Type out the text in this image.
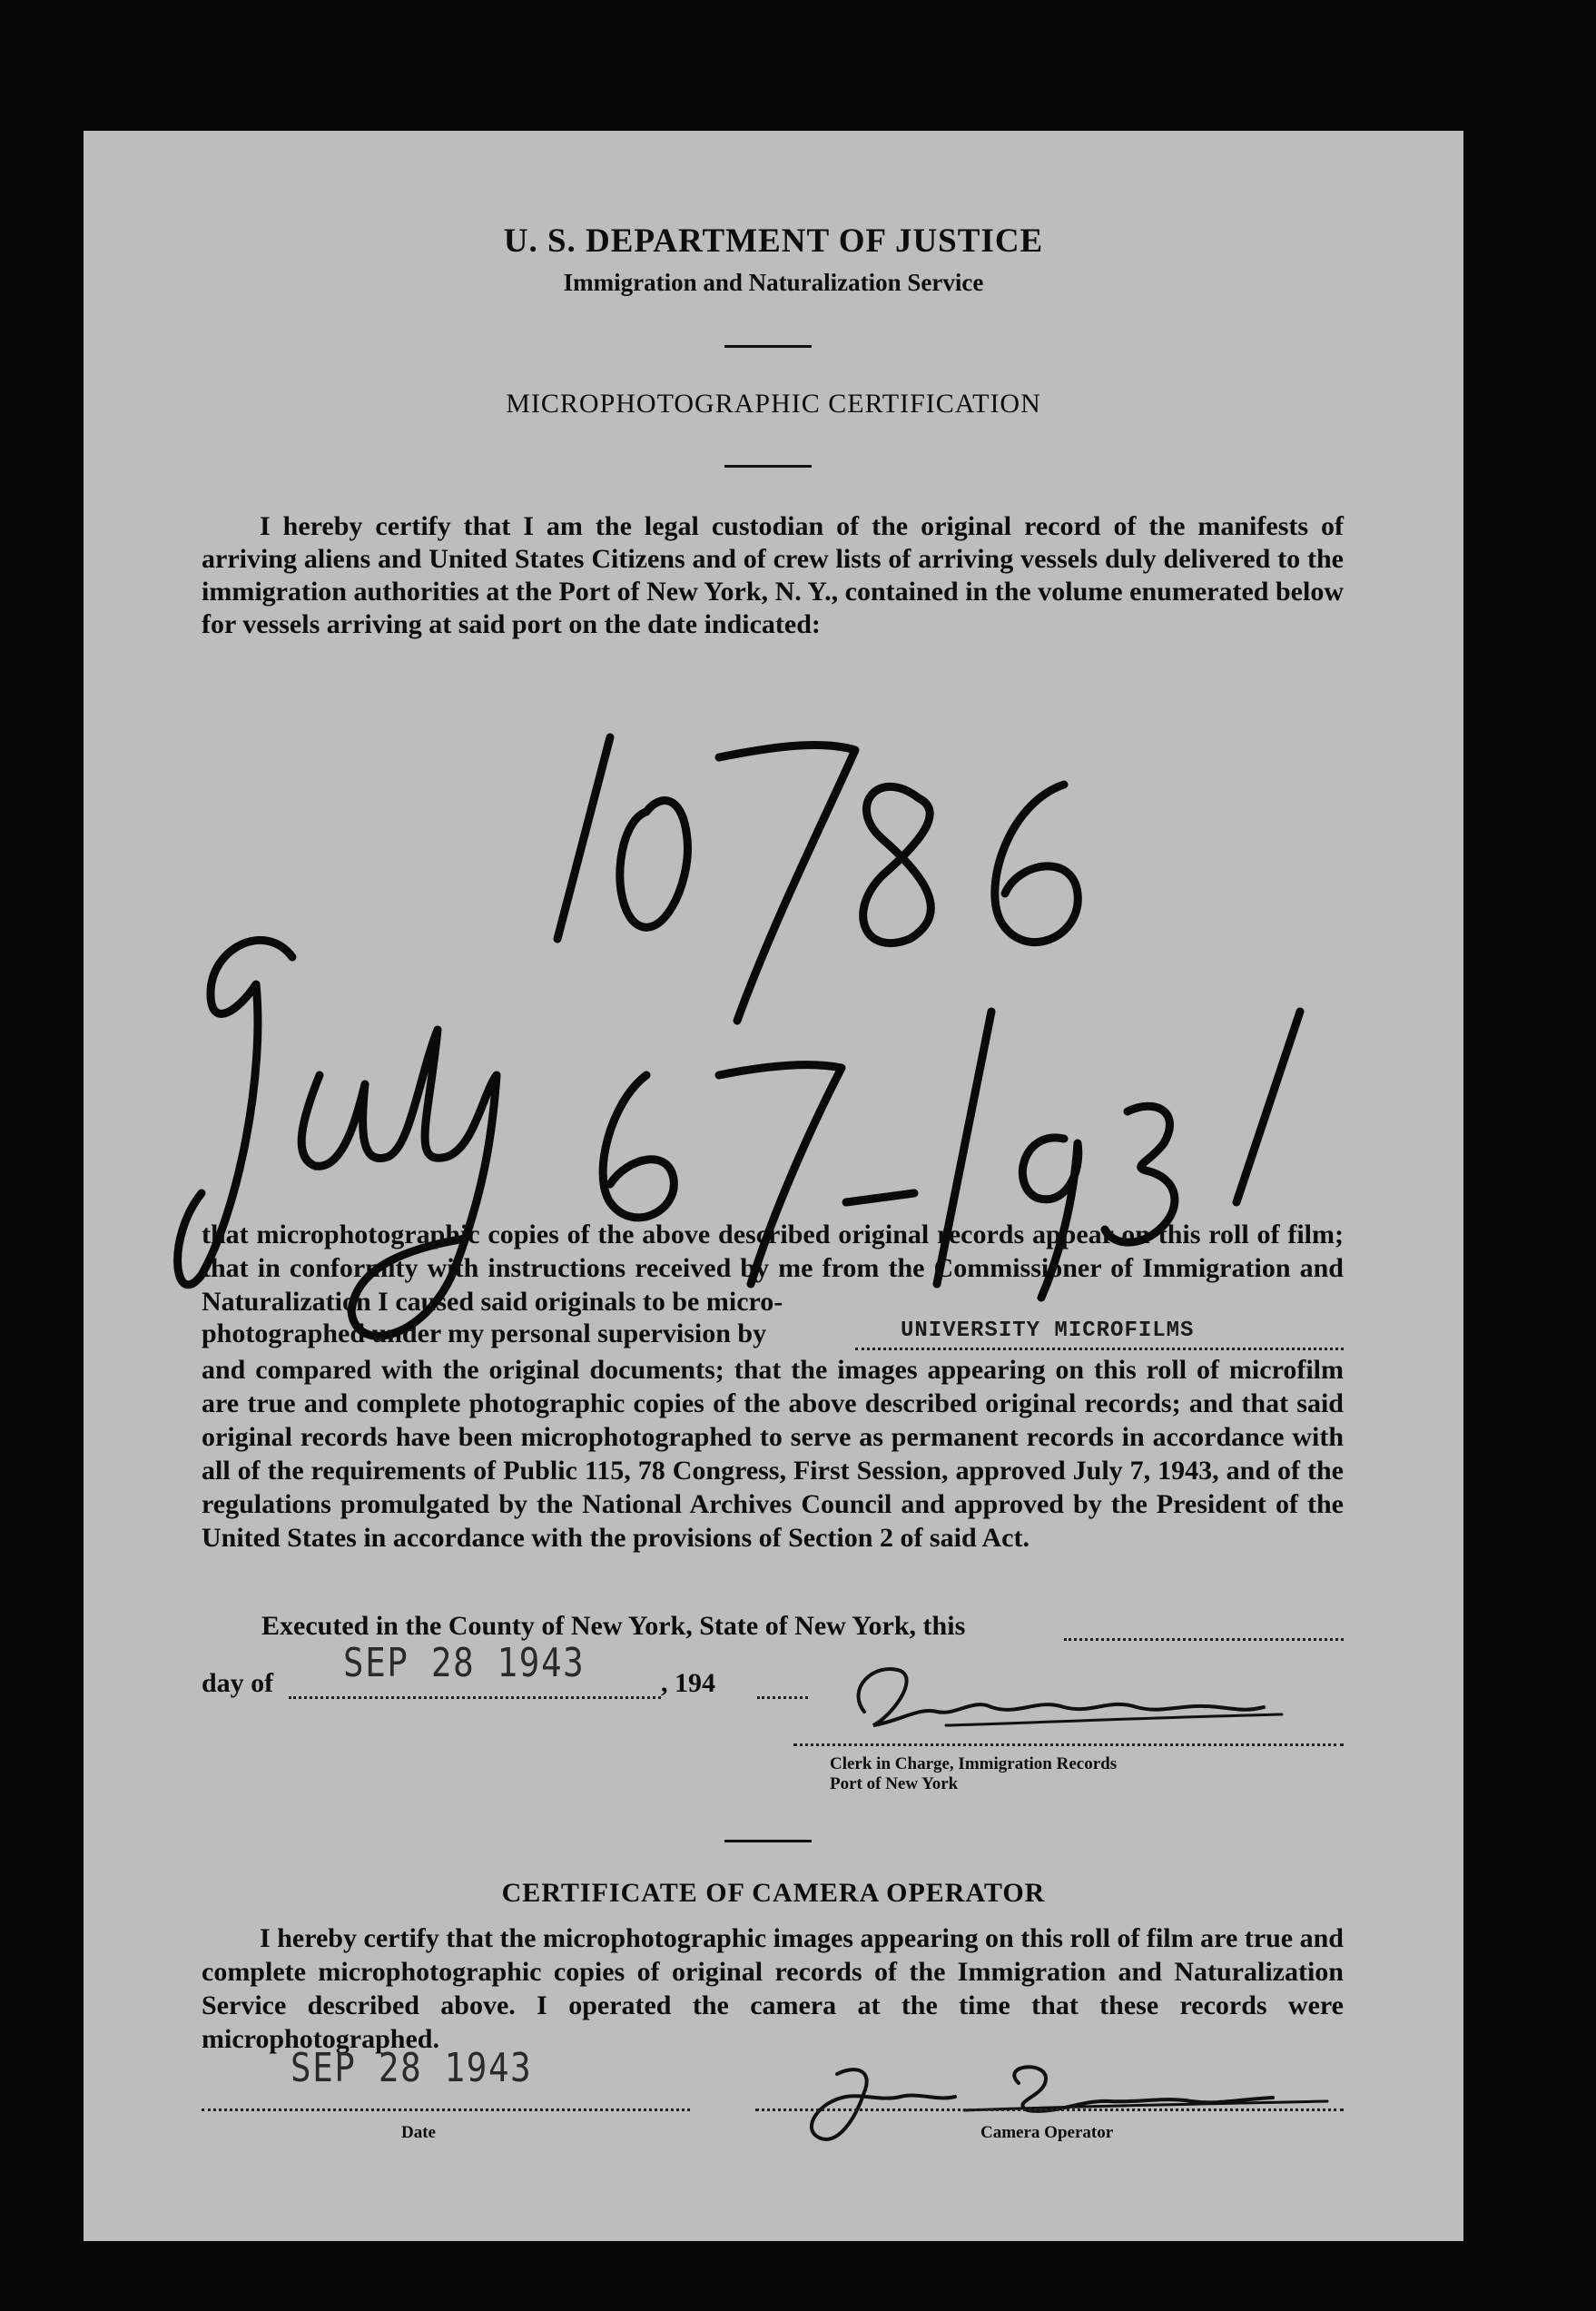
U. S. DEPARTMENT OF JUSTICE
Immigration and Naturalization Service
MICROPHOTOGRAPHIC CERTIFICATION

I hereby certify that I am the legal custodian of the original record of the manifests of arriving aliens and United States Citizens and of crew lists of arriving vessels duly delivered to the immigration authorities at the Port of New York, N. Y., contained in the volume enumerated below for vessels arriving at said port on the date indicated:

that microphotographic copies of the above described original records appear on this roll of film; that in conformity with instructions received by me from the Commissioner of Immigration and Naturalization I caused said originals to be micro-

photographed under my personal supervision by	UNIVERSITY MICROFILMS

and compared with the original documents; that the images appearing on this roll of microfilm are true and complete photographic copies of the above described original records; and that said original records have been microphotographed to serve as permanent records in accordance with all of the requirements of Public 115, 78 Congress, First Session, approved July 7, 1943, and of the regulations promulgated by the National Archives Council and approved by the President of the United States in accordance with the provisions of Section 2 of said Act.

Executed in the County of New York, State of New York, this
day of SEP 28 1943	, 194
Clerk in Charge, Immigration Records
Port of New York
CERTIFICATE OF CAMERA OPERATOR

I hereby certify that the microphotographic images appearing on this roll of film are true and complete microphotographic copies of original records of the Immigration and Naturalization Service described above. I operated the camera at the time that these records were microphotographed.

SEP 28 1943
Date	Camera Operator
